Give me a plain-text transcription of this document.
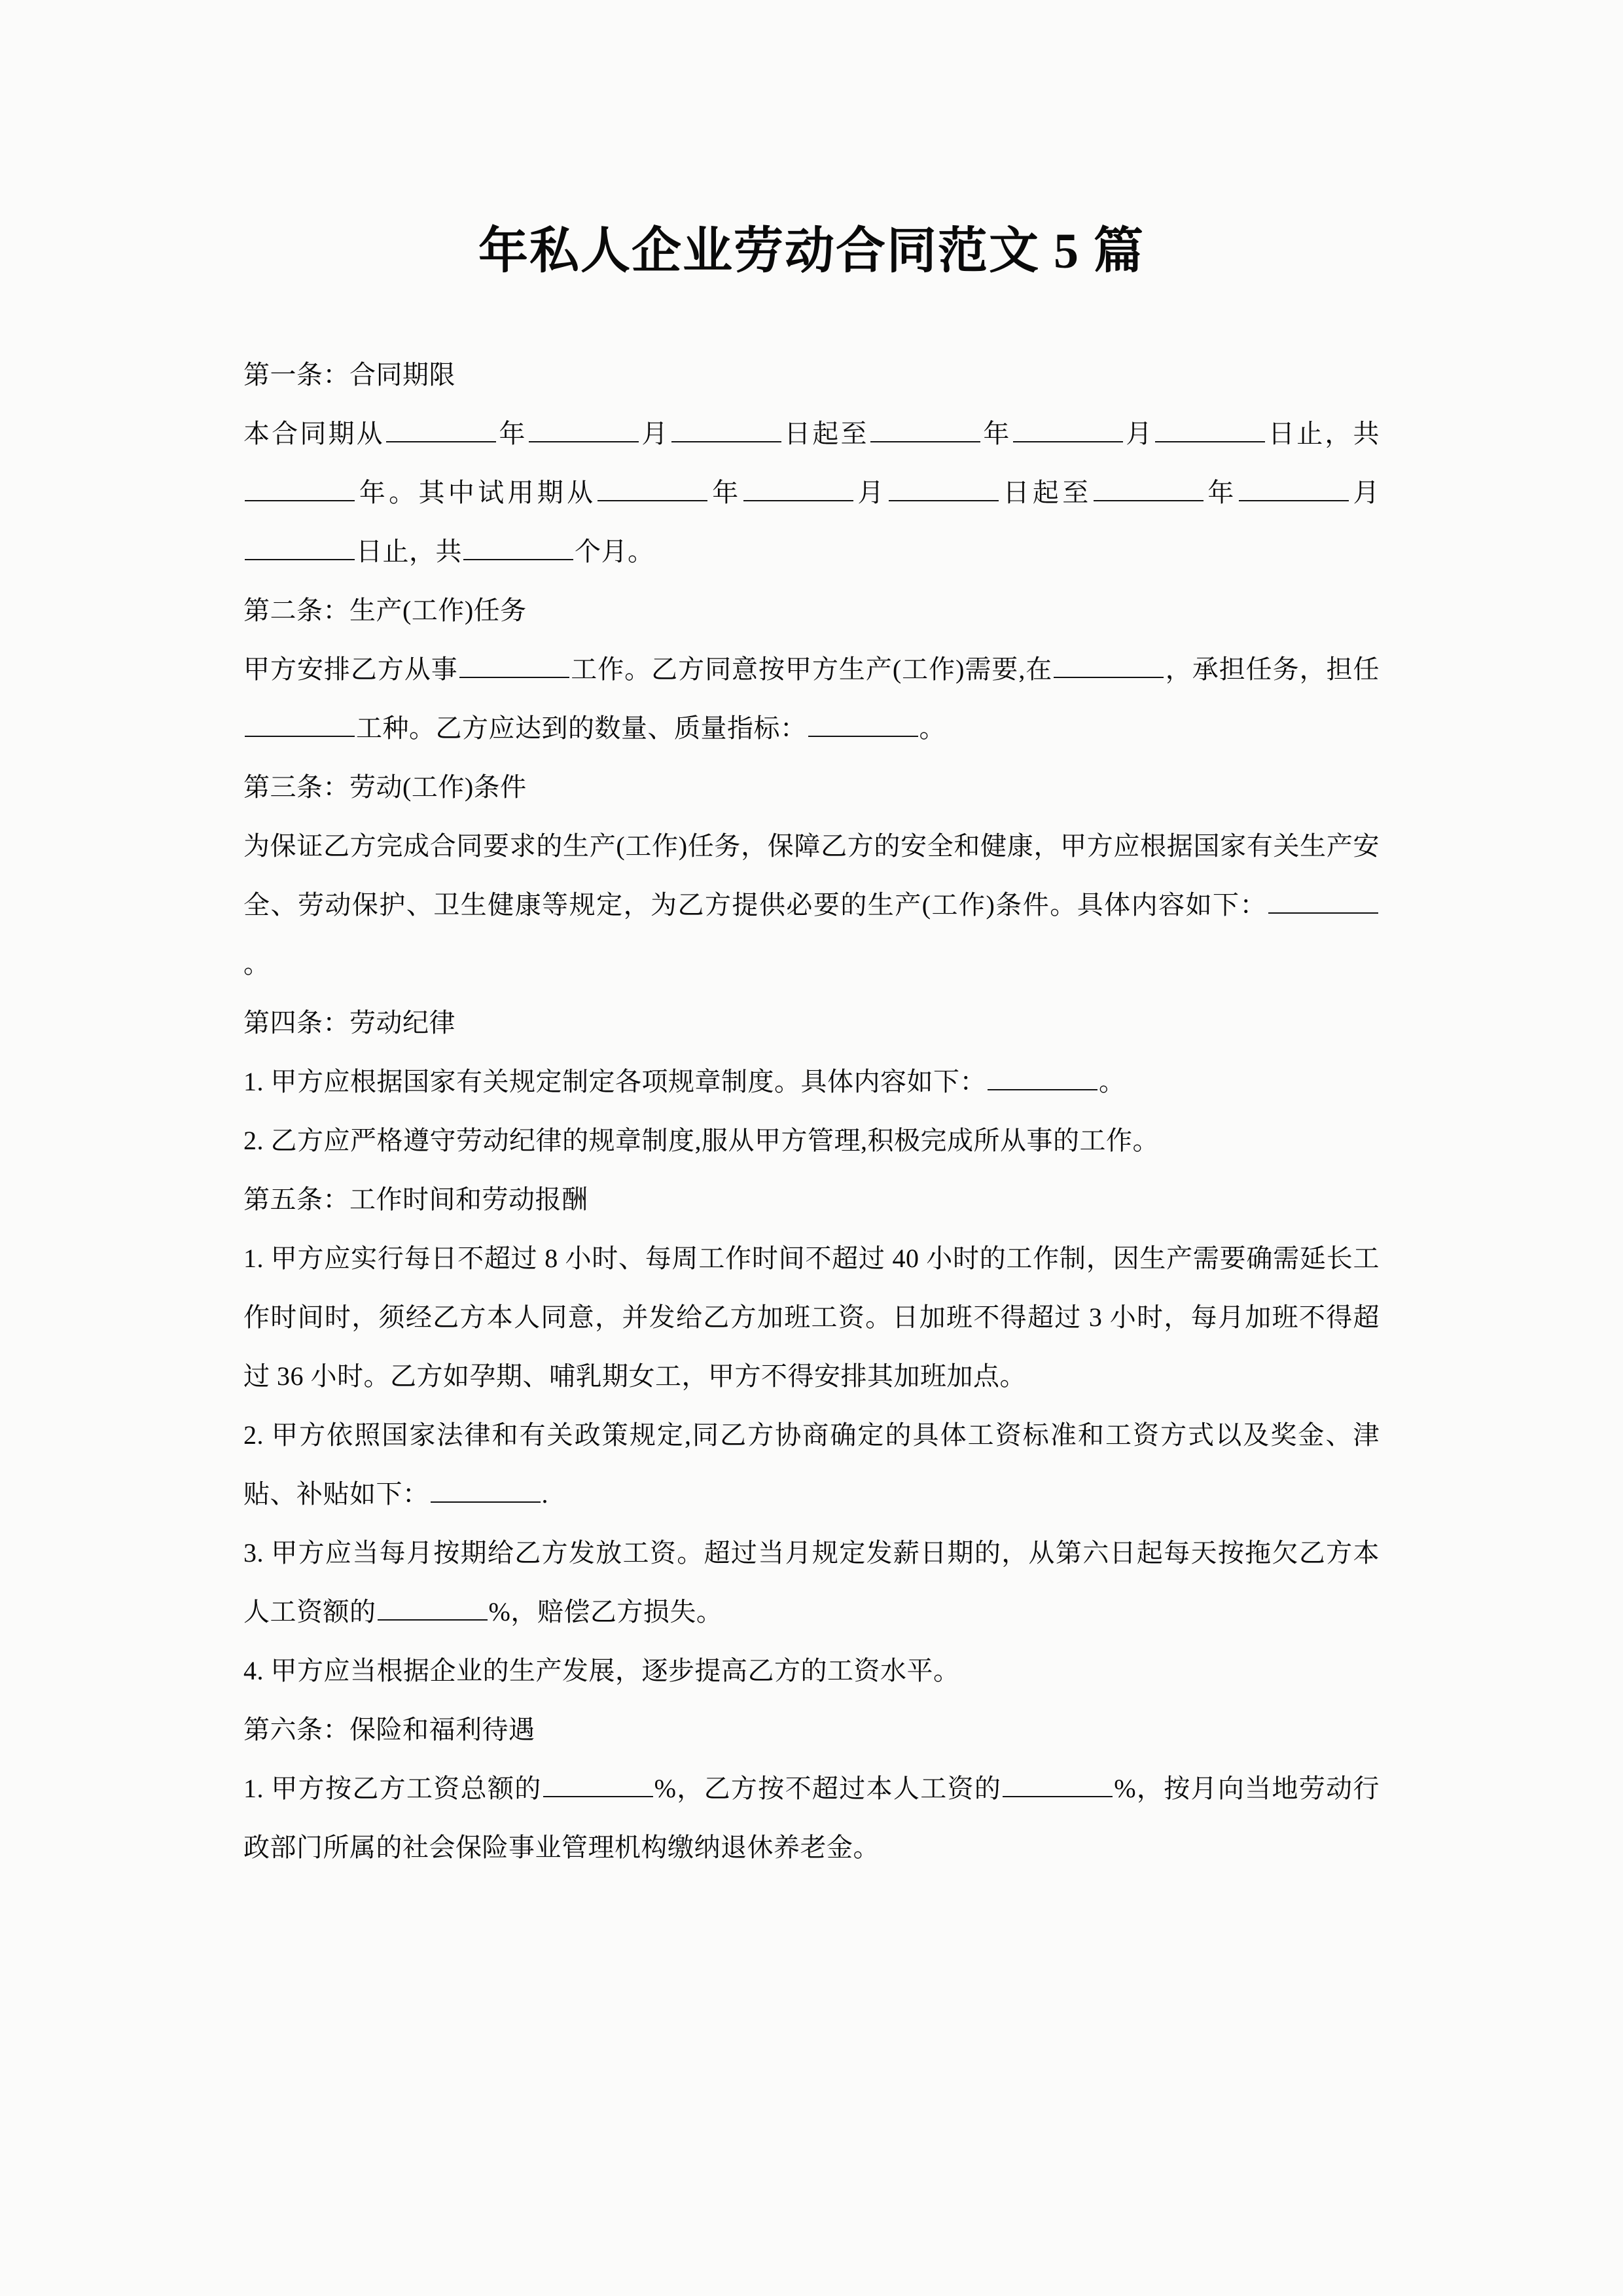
年私人企业劳动合同范文 5 篇

第一条：合同期限

本合同期从	年	月	日起至	年	月	日止，共年。其中试用期从	年	月	日起至	年	月日止，共	个月。

第二条：生产(工作)任务

甲方安排乙方从事	工作。乙方同意按甲方生产(工作)需要,在	，承担任务，担任工种。乙方应达到的数量、质量指标：	。

第三条：劳动(工作)条件

为保证乙方完成合同要求的生产(工作)任务，保障乙方的安全和健康，甲方应根据国家有关生产安全、劳动保护、卫生健康等规定，为乙方提供必要的生产(工作)条件。具体内容如下：。

第四条：劳动纪律

1. 甲方应根据国家有关规定制定各项规章制度。具体内容如下：	。

2. 乙方应严格遵守劳动纪律的规章制度,服从甲方管理,积极完成所从事的工作。

第五条：工作时间和劳动报酬

1. 甲方应实行每日不超过 8 小时、每周工作时间不超过 40 小时的工作制，因生产需要确需延长工作时间时，须经乙方本人同意，并发给乙方加班工资。日加班不得超过 3 小时，每月加班不得超过 36 小时。乙方如孕期、哺乳期女工，甲方不得安排其加班加点。

2. 甲方依照国家法律和有关政策规定,同乙方协商确定的具体工资标准和工资方式以及奖金、津贴、补贴如下：	.

3. 甲方应当每月按期给乙方发放工资。超过当月规定发薪日期的，从第六日起每天按拖欠乙方本人工资额的	%，赔偿乙方损失。

4. 甲方应当根据企业的生产发展，逐步提高乙方的工资水平。

第六条：保险和福利待遇

1. 甲方按乙方工资总额的	%，乙方按不超过本人工资的	%，按月向当地劳动行政部门所属的社会保险事业管理机构缴纳退休养老金。
